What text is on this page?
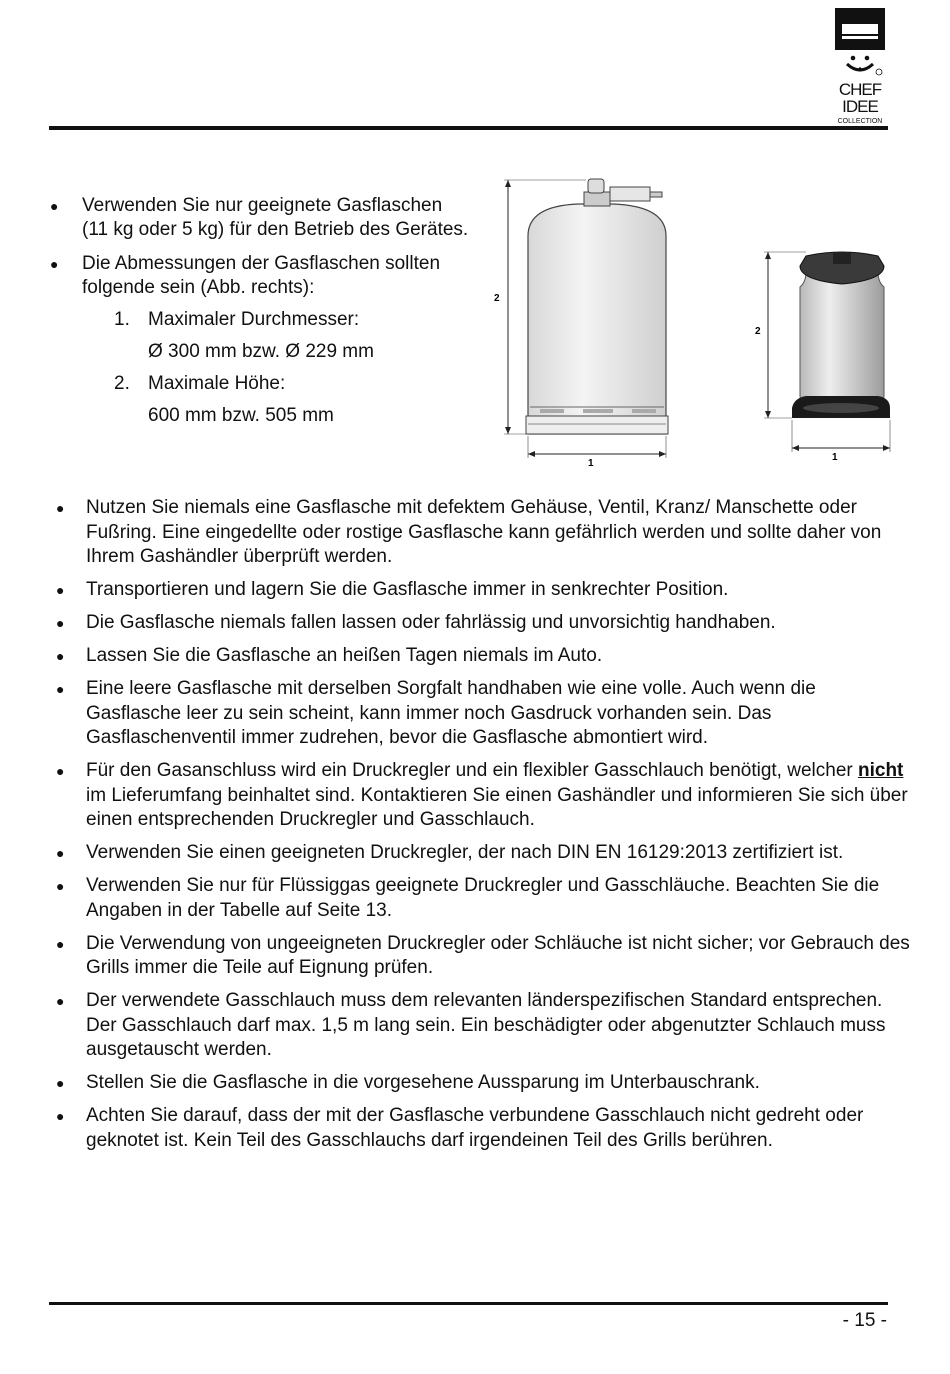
CHEF
IDEE
COLLECTION
● Verwenden Sie nur geeignete Gasflaschen (11 kg oder 5 kg) für den Betrieb des Gerätes.
● Die Abmessungen der Gasflaschen sollten folgende sein (Abb. rechts):
1. Maximaler Durchmesser:
Ø 300 mm bzw. Ø 229 mm
2. Maximale Höhe:
600 mm bzw. 505 mm
2
1
2
1
● Nutzen Sie niemals eine Gasflasche mit defektem Gehäuse, Ventil, Kranz/ Manschette oder Fußring. Eine eingedellte oder rostige Gasflasche kann gefährlich werden und sollte daher von Ihrem Gashändler überprüft werden.
● Transportieren und lagern Sie die Gasflasche immer in senkrechter Position.
● Die Gasflasche niemals fallen lassen oder fahrlässig und unvorsichtig handhaben.
● Lassen Sie die Gasflasche an heißen Tagen niemals im Auto.
● Eine leere Gasflasche mit derselben Sorgfalt handhaben wie eine volle. Auch wenn die Gasflasche leer zu sein scheint, kann immer noch Gasdruck vorhanden sein. Das Gasflaschenventil immer zudrehen, bevor die Gasflasche abmontiert wird.
● Für den Gasanschluss wird ein Druckregler und ein flexibler Gasschlauch benötigt, welcher nicht im Lieferumfang beinhaltet sind. Kontaktieren Sie einen Gashändler und informieren Sie sich über einen entsprechenden Druckregler und Gasschlauch.
● Verwenden Sie einen geeigneten Druckregler, der nach DIN EN 16129:2013 zertifiziert ist.
● Verwenden Sie nur für Flüssiggas geeignete Druckregler und Gasschläuche. Beachten Sie die Angaben in der Tabelle auf Seite 13.
● Die Verwendung von ungeeigneten Druckregler oder Schläuche ist nicht sicher; vor Gebrauch des Grills immer die Teile auf Eignung prüfen.
● Der verwendete Gasschlauch muss dem relevanten länderspezifischen Standard entsprechen. Der Gasschlauch darf max. 1,5 m lang sein. Ein beschädigter oder abgenutzter Schlauch muss ausgetauscht werden.
● Stellen Sie die Gasflasche in die vorgesehene Aussparung im Unterbauschrank.
● Achten Sie darauf, dass der mit der Gasflasche verbundene Gasschlauch nicht gedreht oder geknotet ist. Kein Teil des Gasschlauchs darf irgendeinen Teil des Grills berühren.
- 15 -
